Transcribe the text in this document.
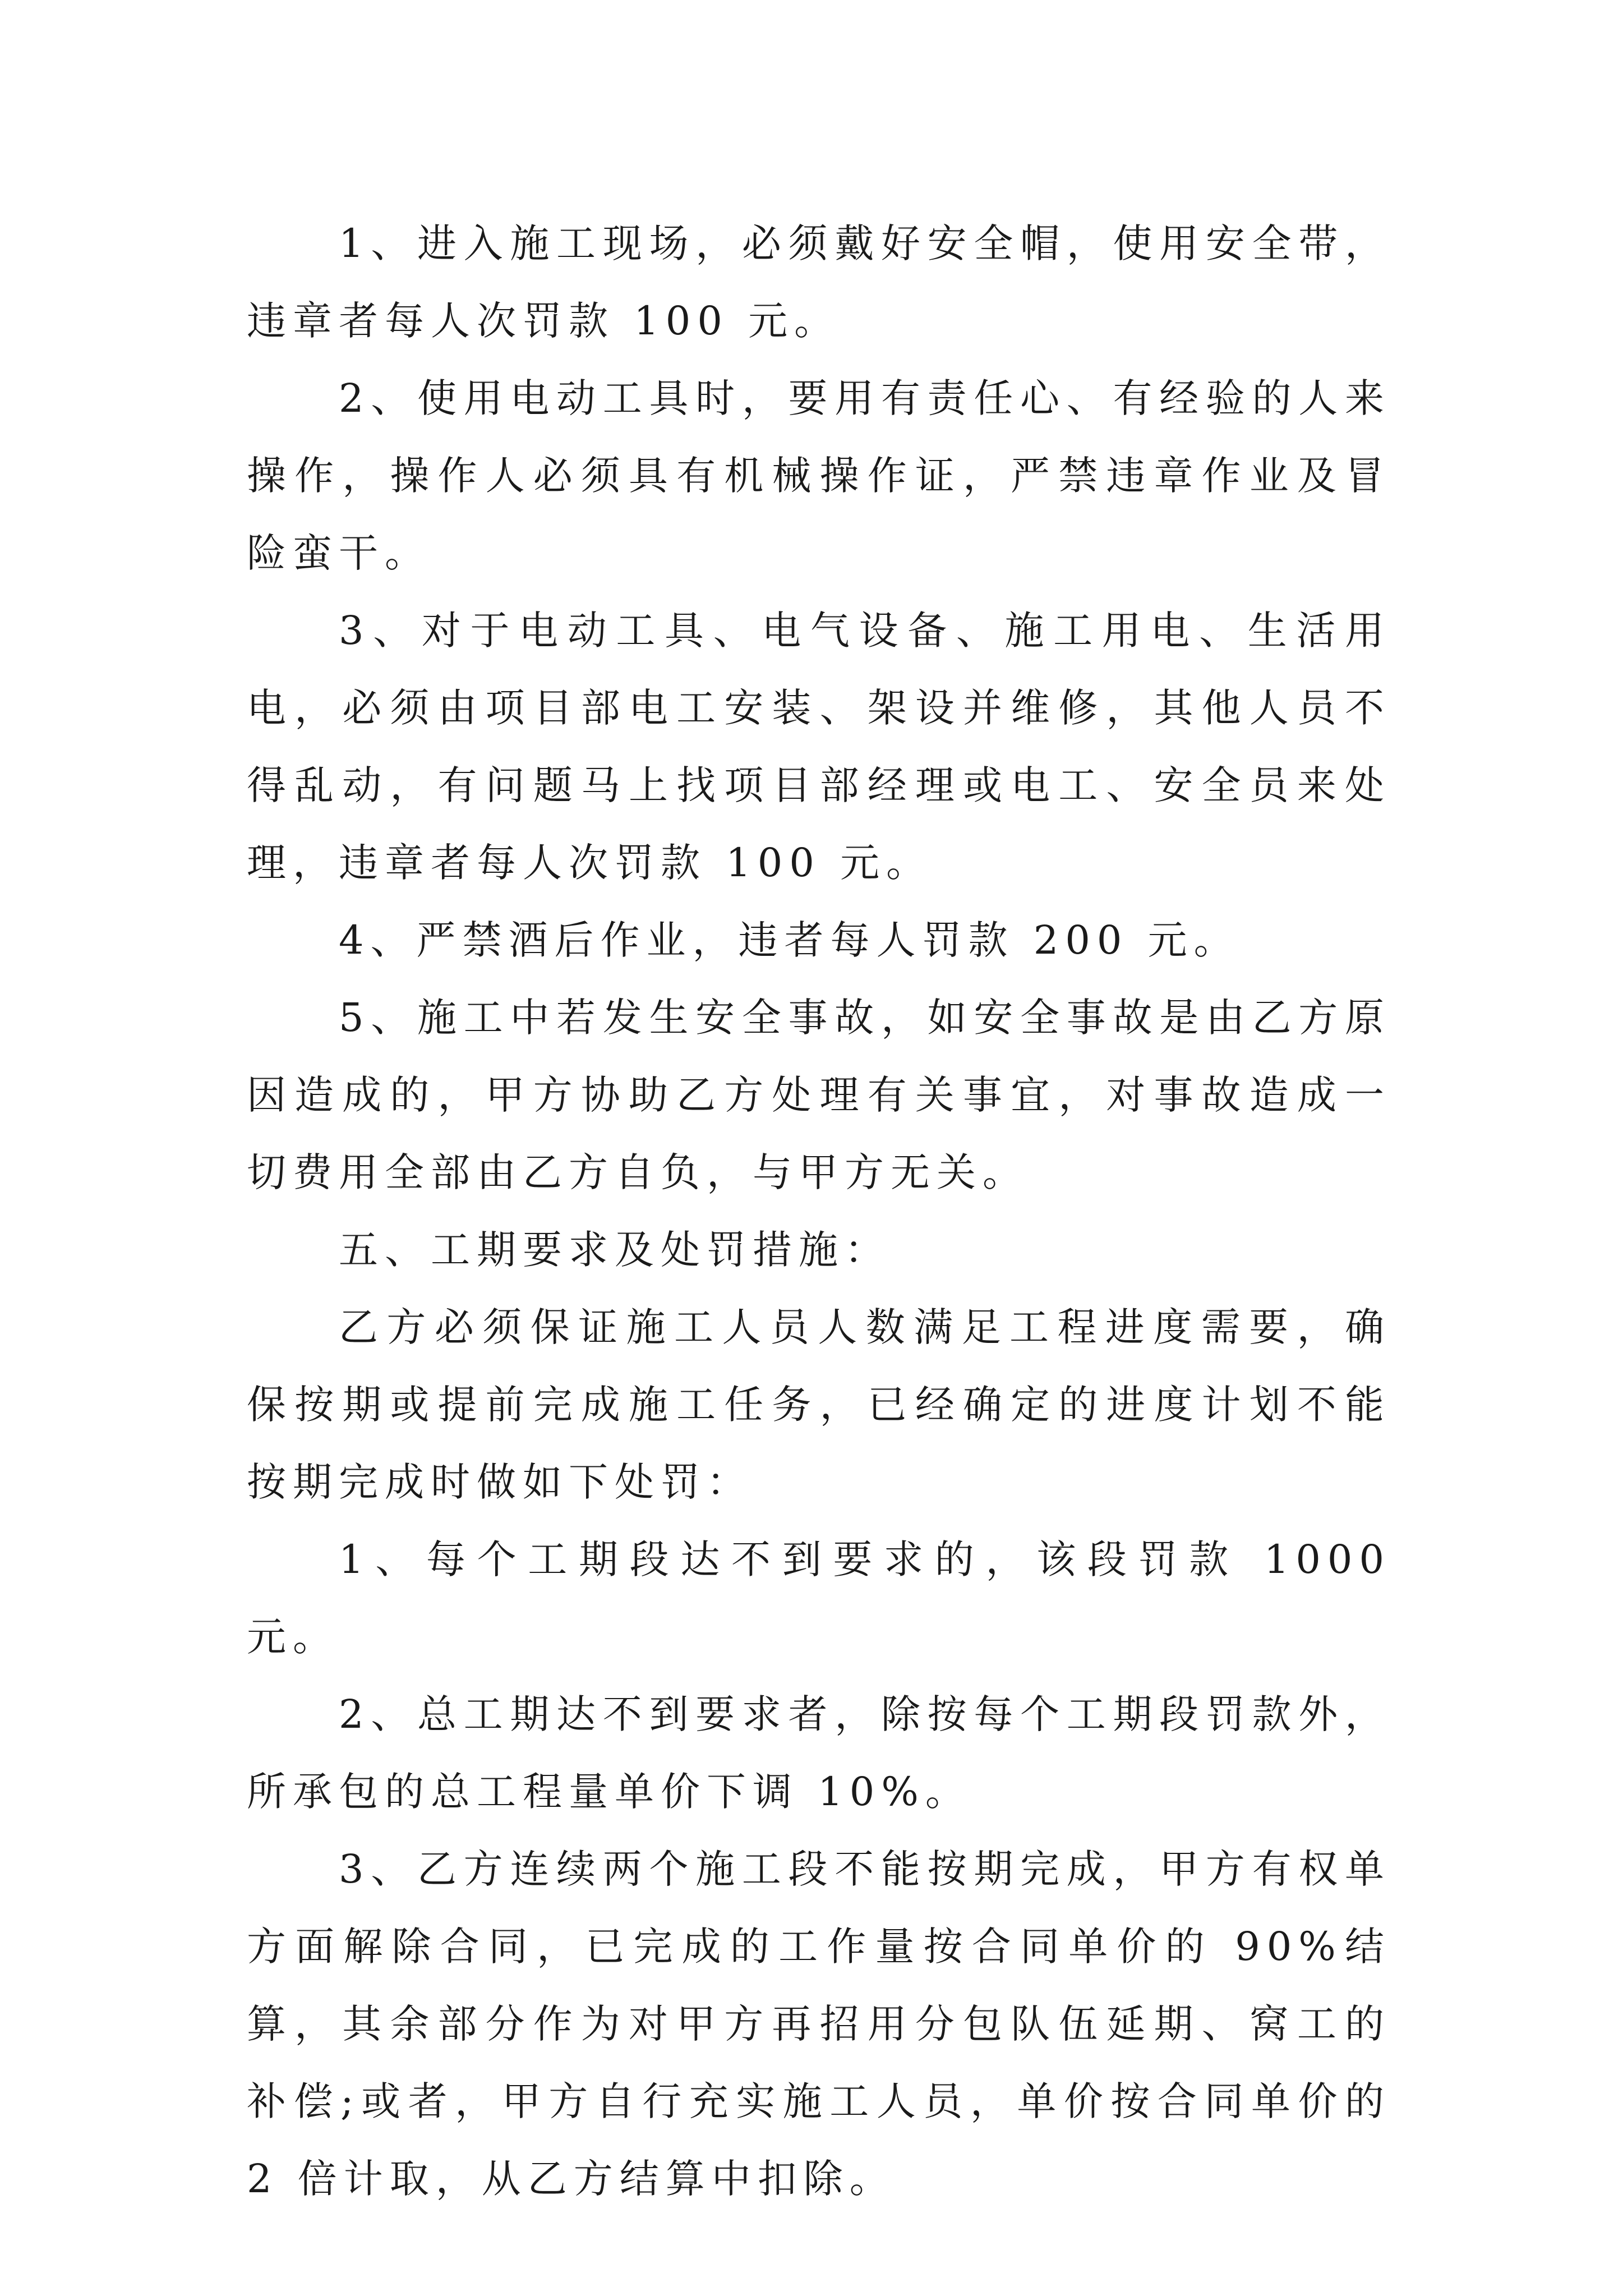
1、进入施工现场，必须戴好安全帽，使用安全带，违章者每人次罚款 100 元。

2、使用电动工具时，要用有责任心、有经验的人来操作，操作人必须具有机械操作证，严禁违章作业及冒险蛮干。

3、对于电动工具、电气设备、施工用电、生活用电，必须由项目部电工安装、架设并维修，其他人员不得乱动，有问题马上找项目部经理或电工、安全员来处理，违章者每人次罚款 100 元。

4、严禁酒后作业，违者每人罚款 200 元。

5、施工中若发生安全事故，如安全事故是由乙方原因造成的，甲方协助乙方处理有关事宜，对事故造成一切费用全部由乙方自负，与甲方无关。

五、工期要求及处罚措施：

乙方必须保证施工人员人数满足工程进度需要，确保按期或提前完成施工任务，已经确定的进度计划不能按期完成时做如下处罚：

1、每个工期段达不到要求的，该段罚款 1000 元。

2、总工期达不到要求者，除按每个工期段罚款外，所承包的总工程量单价下调 10%。

3、乙方连续两个施工段不能按期完成，甲方有权单方面解除合同，已完成的工作量按合同单价的 90%结算，其余部分作为对甲方再招用分包队伍延期、窝工的补偿;或者，甲方自行充实施工人员，单价按合同单价的 2 倍计取，从乙方结算中扣除。
